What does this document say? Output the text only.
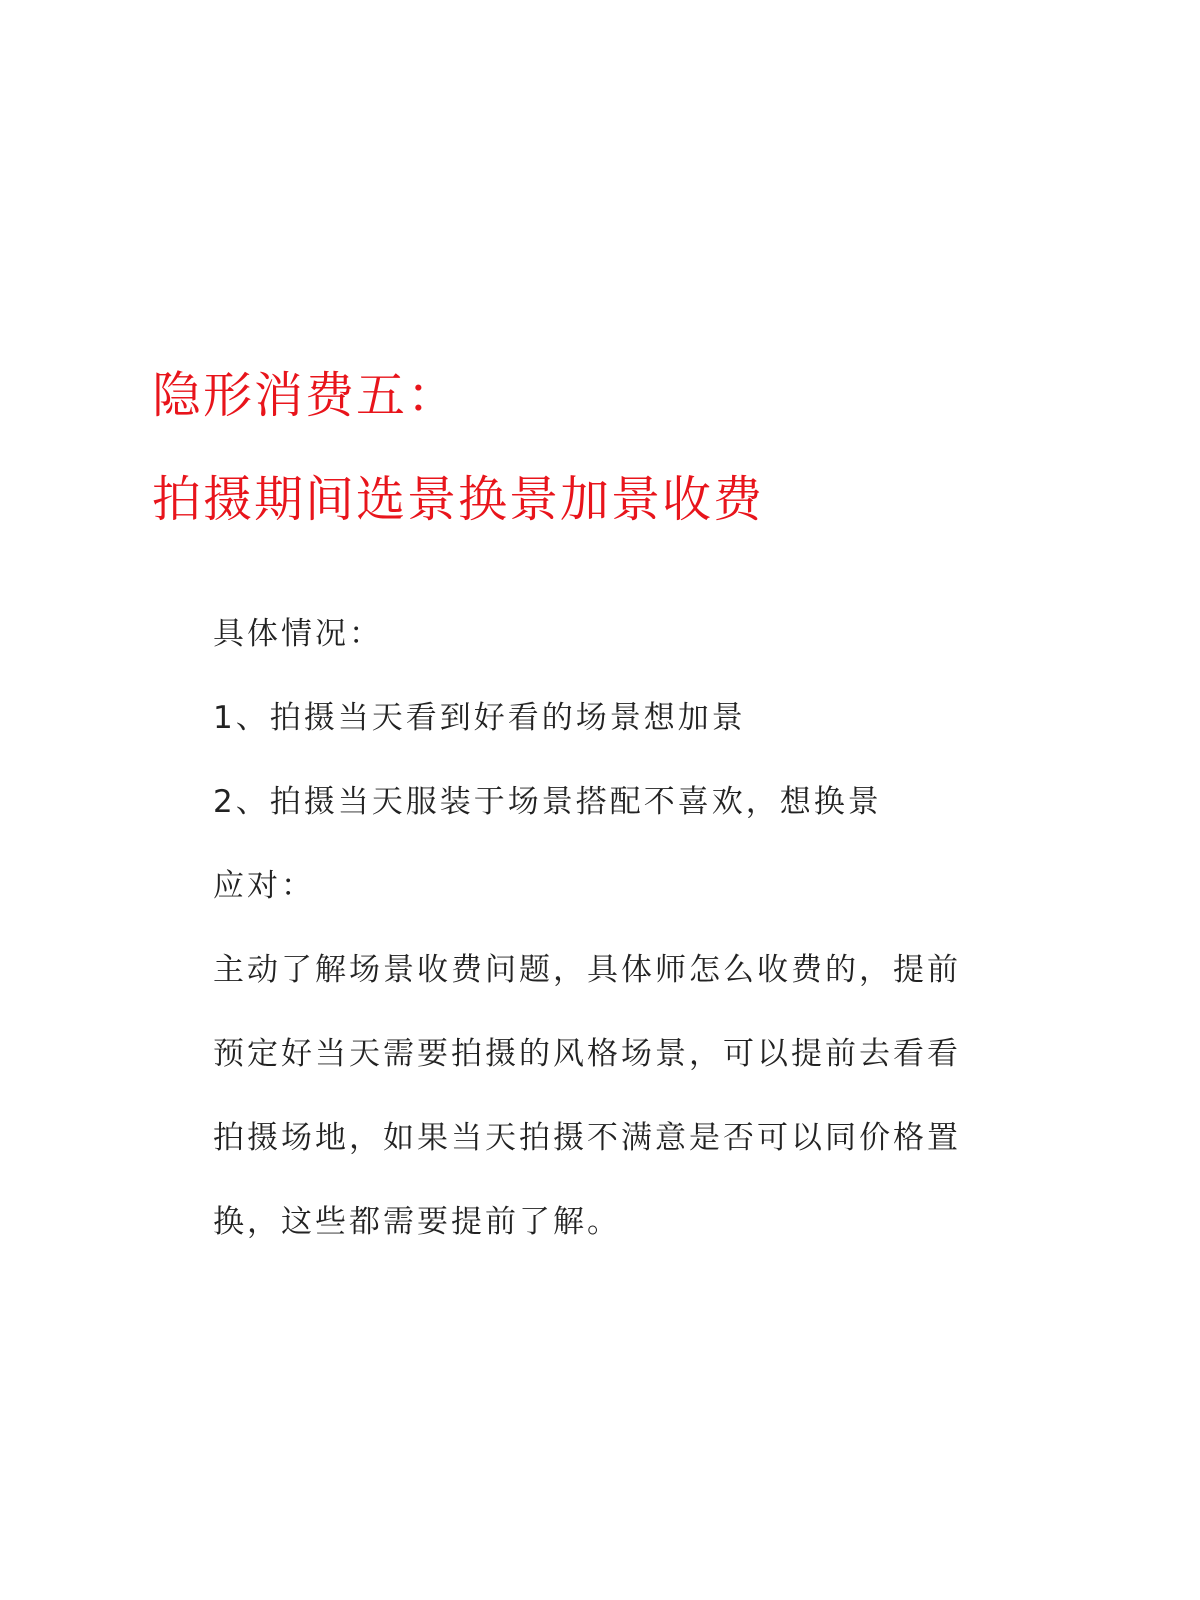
隐形消费五：
拍摄期间选景换景加景收费

具体情况：

1、拍摄当天看到好看的场景想加景

2、拍摄当天服装于场景搭配不喜欢，想换景

应对：

主动了解场景收费问题，具体师怎么收费的，提前

预定好当天需要拍摄的风格场景，可以提前去看看

拍摄场地，如果当天拍摄不满意是否可以同价格置

换，这些都需要提前了解。
